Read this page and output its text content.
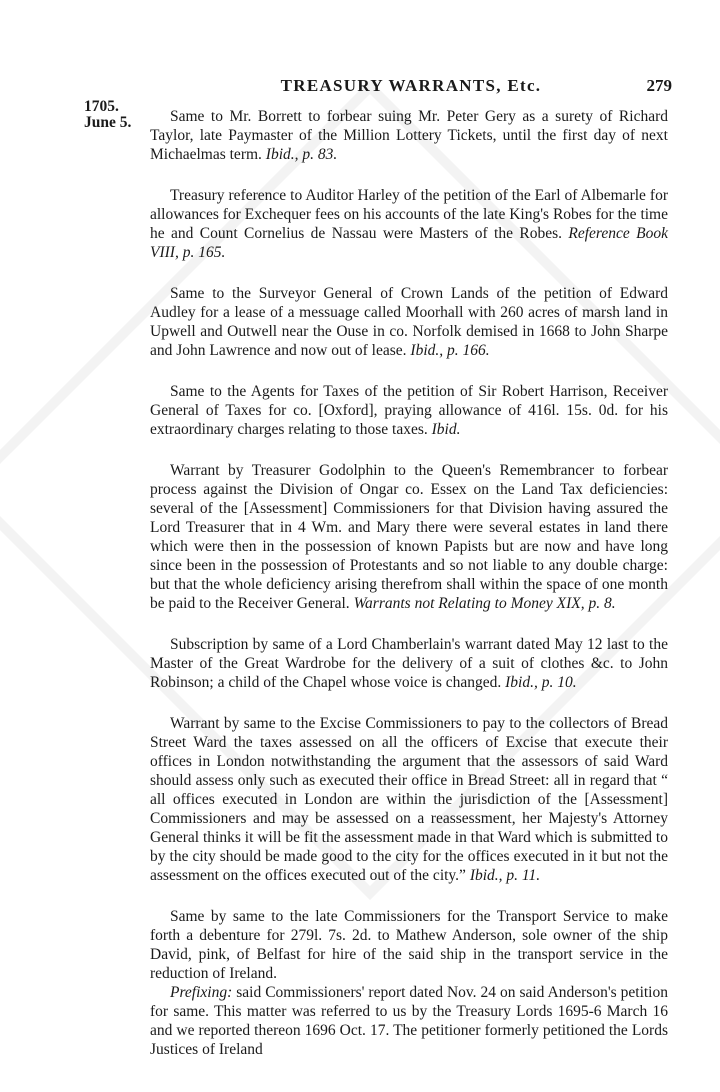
TREASURY WARRANTS, Etc.	279
1705.
June 5.	Same to Mr. Borrett to forbear suing Mr. Peter Gery as a surety of Richard Taylor, late Paymaster of the Million Lottery Tickets, until the first day of next Michaelmas term. Ibid., p. 83.

Treasury reference to Auditor Harley of the petition of the Earl of Albemarle for allowances for Exchequer fees on his accounts of the late King's Robes for the time he and Count Cornelius de Nassau were Masters of the Robes. Reference Book VIII, p. 165.

Same to the Surveyor General of Crown Lands of the petition of Edward Audley for a lease of a messuage called Moorhall with 260 acres of marsh land in Upwell and Outwell near the Ouse in co. Norfolk demised in 1668 to John Sharpe and John Lawrence and now out of lease. Ibid., p. 166.

Same to the Agents for Taxes of the petition of Sir Robert Harrison, Receiver General of Taxes for co. [Oxford], praying allowance of 416l. 15s. 0d. for his extraordinary charges relating to those taxes. Ibid.

Warrant by Treasurer Godolphin to the Queen's Remembrancer to forbear process against the Division of Ongar co. Essex on the Land Tax deficiencies: several of the [Assessment] Commissioners for that Division having assured the Lord Treasurer that in 4 Wm. and Mary there were several estates in land there which were then in the possession of known Papists but are now and have long since been in the possession of Protestants and so not liable to any double charge: but that the whole deficiency arising therefrom shall within the space of one month be paid to the Receiver General. Warrants not Relating to Money XIX, p. 8.

Subscription by same of a Lord Chamberlain's warrant dated May 12 last to the Master of the Great Wardrobe for the delivery of a suit of clothes &c. to John Robinson; a child of the Chapel whose voice is changed. Ibid., p. 10.

Warrant by same to the Excise Commissioners to pay to the collectors of Bread Street Ward the taxes assessed on all the officers of Excise that execute their offices in London notwithstanding the argument that the assessors of said Ward should assess only such as executed their office in Bread Street: all in regard that “ all offices executed in London are within the jurisdiction of the [Assessment] Commissioners and may be assessed on a reassessment, her Majesty's Attorney General thinks it will be fit the assessment made in that Ward which is submitted to by the city should be made good to the city for the offices executed in it but not the assessment on the offices executed out of the city.” Ibid., p. 11.

Same by same to the late Commissioners for the Transport Service to make forth a debenture for 279l. 7s. 2d. to Mathew Anderson, sole owner of the ship David, pink, of Belfast for hire of the said ship in the transport service in the reduction of Ireland.

Prefixing: said Commissioners' report dated Nov. 24 on said Anderson's petition for same. This matter was referred to us by the Treasury Lords 1695-6 March 16 and we reported thereon 1696 Oct. 17. The petitioner formerly petitioned the Lords Justices of Ireland
